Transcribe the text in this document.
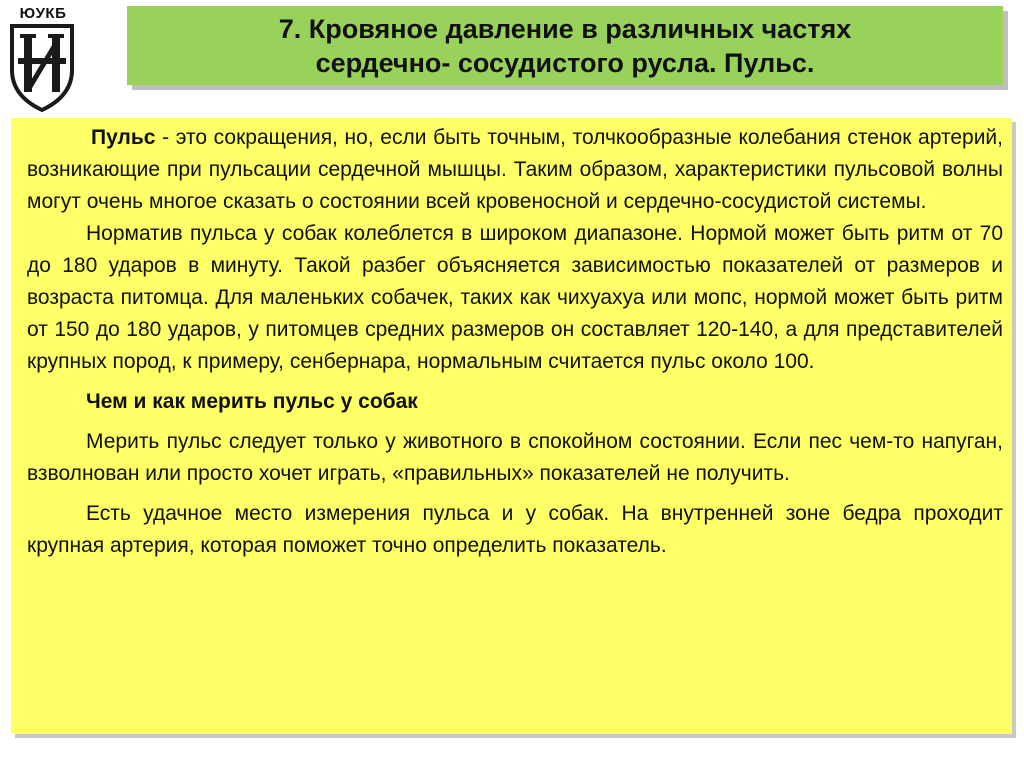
ЮУКБ	7. Кровяное давление в различных частях
сердечно- сосудистого русла. Пульс.

Пульс - это сокращения, но, если быть точным, толчкообразные колебания стенок артерий, возникающие при пульсации сердечной мышцы. Таким образом, характеристики пульсовой волны могут очень многое сказать о состоянии всей кровеносной и сердечно-сосудистой системы.

Норматив пульса у собак колеблется в широком диапазоне. Нормой может быть ритм от 70 до 180 ударов в минуту. Такой разбег объясняется зависимостью показателей от размеров и возраста питомца. Для маленьких собачек, таких как чихуахуа или мопс, нормой может быть ритм от 150 до 180 ударов, у питомцев средних размеров он составляет 120-140, а для представителей крупных пород, к примеру, сенбернара, нормальным считается пульс около 100.

Чем и как мерить пульс у собак

Мерить пульс следует только у животного в спокойном состоянии. Если пес чем-то напуган, взволнован или просто хочет играть, «правильных» показателей не получить.

Есть удачное место измерения пульса и у собак. На внутренней зоне бедра проходит крупная артерия, которая поможет точно определить показатель.
